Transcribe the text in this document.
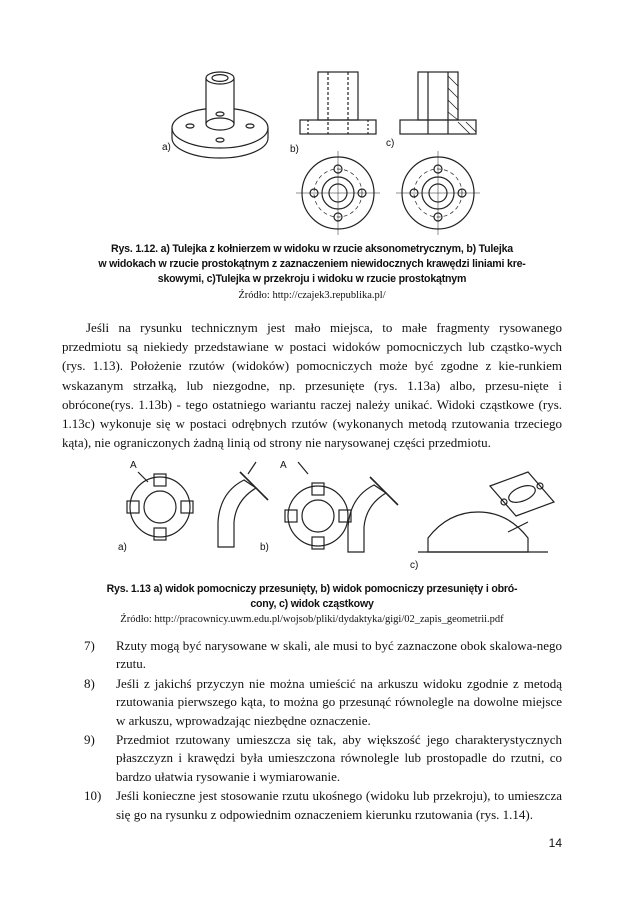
a)	b)
c)
Rys. 1.12. a) Tulejka z kołnierzem w widoku w rzucie aksonometrycznym, b) Tulejka
w widokach w rzucie prostokątnym z zaznaczeniem niewidocznych krawędzi liniami kre-
skowymi, c)Tulejka w przekroju i widoku w rzucie prostokątnym
Źródło: http://czajek3.republika.pl/

Jeśli na rysunku technicznym jest mało miejsca, to małe fragmenty rysowanego przedmiotu są niekiedy przedstawiane w postaci widoków pomocniczych lub cząstko-wych (rys. 1.13). Położenie rzutów (widoków) pomocniczych może być zgodne z kie-runkiem wskazanym strzałką, lub niezgodne, np. przesunięte (rys. 1.13a) albo, przesu-nięte i obrócone(rys. 1.13b) - tego ostatniego wariantu raczej należy unikać. Widoki cząstkowe (rys. 1.13c) wykonuje się w postaci odrębnych rzutów (wykonanych metodą rzutowania trzeciego kąta), nie ograniczonych żadną linią od strony nie narysowanej części przedmiotu.

a)
A
b)
A
c)
Rys. 1.13 a) widok pomocniczy przesunięty, b) widok pomocniczy przesunięty i obró-
cony, c) widok cząstkowy
Źródło: http://pracownicy.uwm.edu.pl/wojsob/pliki/dydaktyka/gigi/02_zapis_geometrii.pdf
7) Rzuty mogą być narysowane w skali, ale musi to być zaznaczone obok skalowa-nego rzutu.
8) Jeśli z jakichś przyczyn nie można umieścić na arkuszu widoku zgodnie z metodą rzutowania pierwszego kąta, to można go przesunąć równolegle na dowolne miejsce w arkuszu, wprowadzając niezbędne oznaczenie.
9) Przedmiot rzutowany umieszcza się tak, aby większość jego charakterystycznych płaszczyzn i krawędzi była umieszczona równolegle lub prostopadle do rzutni, co bardzo ułatwia rysowanie i wymiarowanie.
10) Jeśli konieczne jest stosowanie rzutu ukośnego (widoku lub przekroju), to umieszcza się go na rysunku z odpowiednim oznaczeniem kierunku rzutowania (rys. 1.14).
14
